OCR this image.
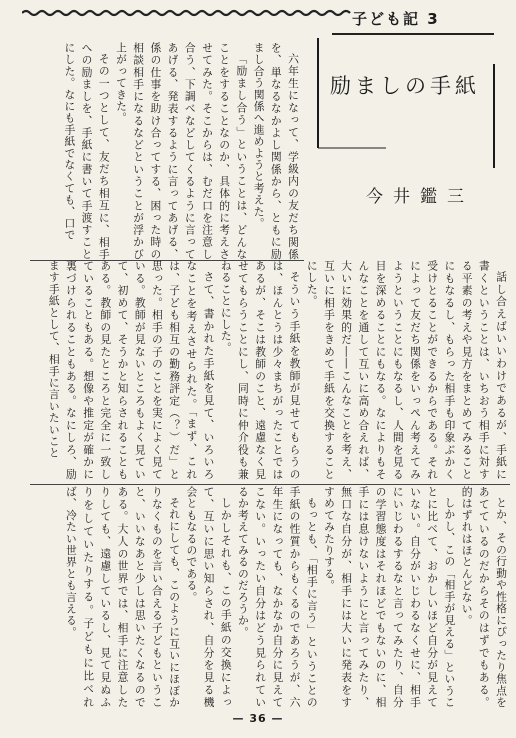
子ども記 3
励ましの手紙
今井鑑三

六年生になって、学級内の友だち関係を、単なるなかよし関係から、ともに励まし合う関係へ進めようと考えた。

「励まし合う」ということは、どんなことをすることなのか、具体的に考えさせてみた。そこからは、むだ口を注意し合う、下調べなどしてくるように言ってあげる、発表するように言ってあげる、係の仕事を助け合ってする、困った時の相談相手になるなどということが浮かび上がってきた。

その一つとして、友だち相互に、相手への励ましを、手紙に書いて手渡すことにした。なにも手紙でなくても、口で

話し合えばいいわけであるが、手紙に書くということは、いちおう相手に対する平素の考えや見方をまとめてみることにもなるし、もらった相手も印象ぶかく受けとることができるからである。それによって友だち関係をいっぺん考えてみようということにもなるし、人間を見る目を深めることにもなる。なによりもそんなことを通して互いに高め合えれば、大いに効果的だ――こんなことを考え、互いに相手をきめて手紙を交換することにした。

そういう手紙を教師が見せてもらうのは、ほんとうは少々まちがったことではあるが、そこは教師のこと、遠慮なく見せてもらうことにし、同時に仲介役も兼ねることにした。

さて、書かれた手紙を見て、いろいろなことを考えさせられた。「まず、これは、子ども相互の勤務評定（？）だ」と思った。相手の子のことを実によく見ている。教師が見ないところもよく見ていて、初めて、そうかと知らされることもある。教師の見たところと完全に一致していることもある。想像や推定が確かに裏づけられることもある。なにしろ、励ます手紙として、相手に言いたいこと

とか、その行動や性格にぴったり焦点をあてているのだからそのはずでもある。的はずれはほとんどない。

しかし、この「相手が見える」ということに比べて、おかしいほど自分が見えていない。自分がいじわるなくせに、相手にいじわるするなと言ってみたり、自分の学習態度はそれほどでもないのに、相手には息けないようにと言ってみたり、無口な自分が、相手には大いに発表をすすめてみたりする。

もっとも、「相手に言う」ということの手紙の性質からもくるのであろうが、六年生になっても、なかなか自分に見えてこない。いったい自分はどう見られているか考えてみるのだろうか。

しかしそれも、この手紙の交換によって、互いに思い知らされ、自分を見る機会ともなるのである。

それにしても、このように互いにほぼかりなくものを言い合える子どもということ、いいなあと少しは思いたくなるのである。大人の世界では、相手に注意したりしても、遠慮しているし、見て見ぬふりをしていたりする。子どもに比べれば、冷たい世界とも言える。

— 36 —
